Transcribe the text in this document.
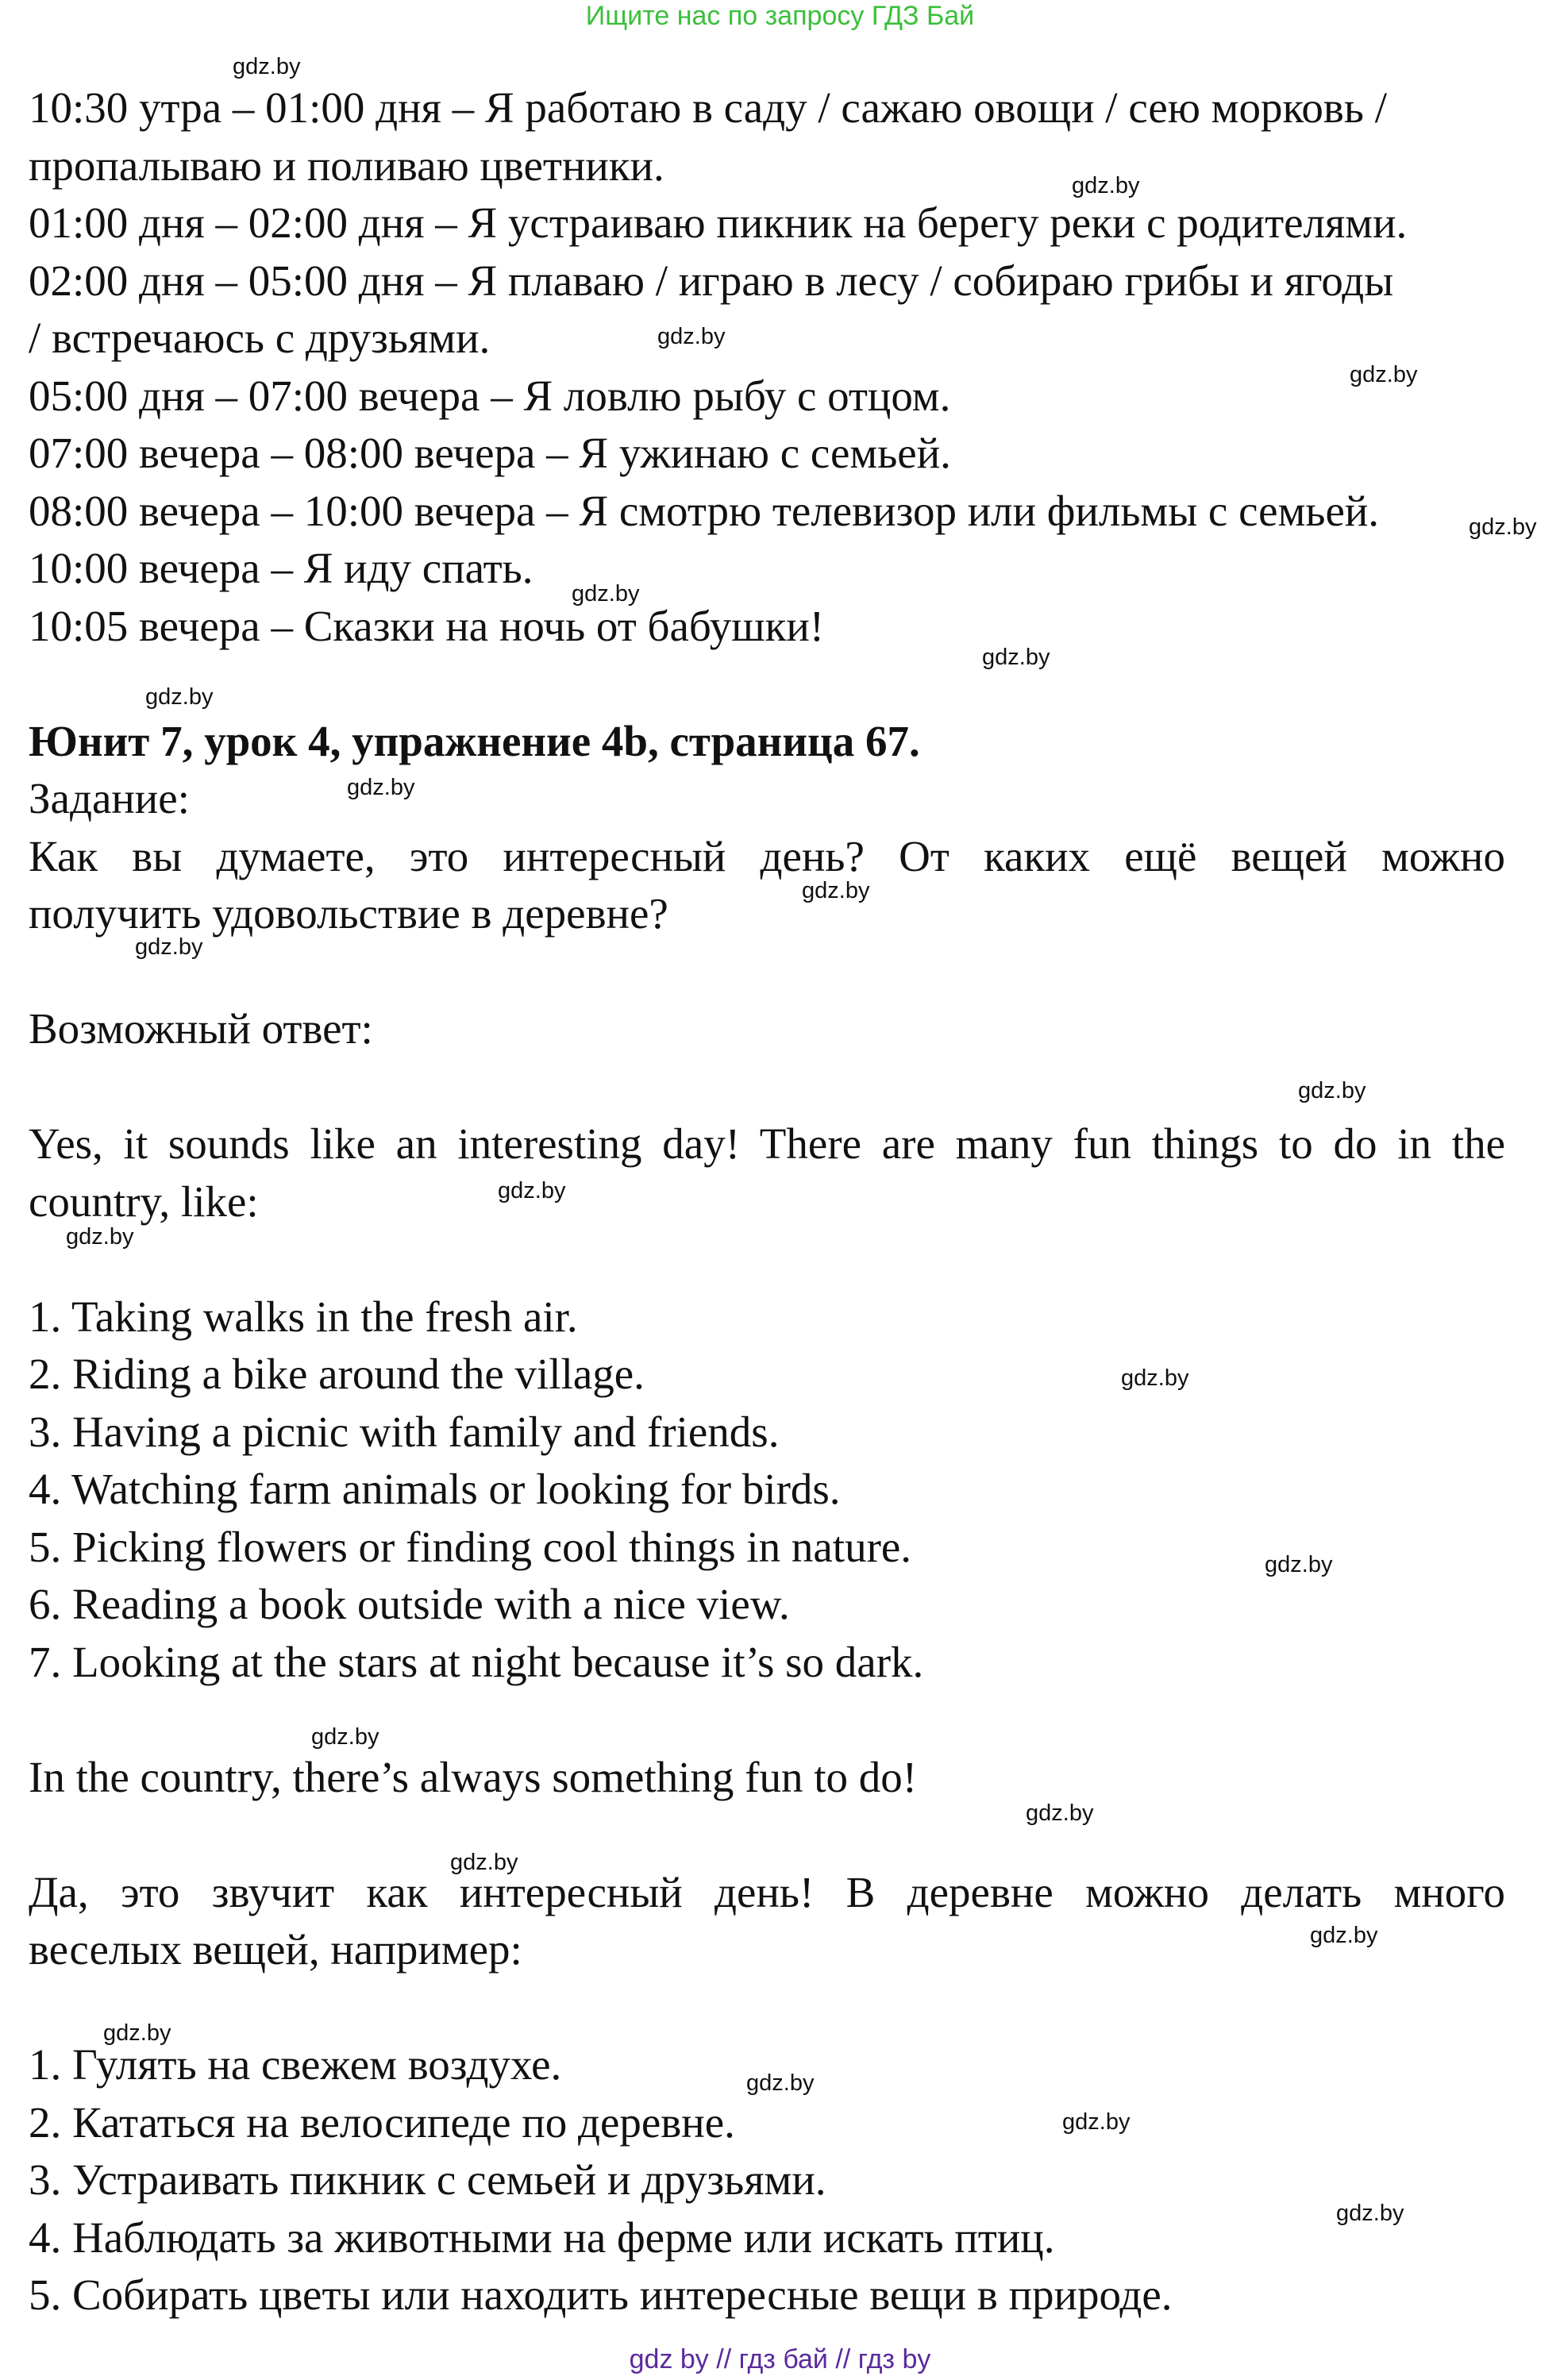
Ищите нас по запросу ГДЗ Бай
10:30 утра – 01:00 дня – Я работаю в саду / сажаю овощи / сею морковь /
пропалываю и поливаю цветники.
01:00 дня – 02:00 дня – Я устраиваю пикник на берегу реки с родителями.
02:00 дня – 05:00 дня – Я плаваю / играю в лесу / собираю грибы и ягоды
/ встречаюсь с друзьями.
05:00 дня – 07:00 вечера – Я ловлю рыбу с отцом.
07:00 вечера – 08:00 вечера – Я ужинаю с семьей.
08:00 вечера – 10:00 вечера – Я смотрю телевизор или фильмы с семьей.
10:00 вечера – Я иду спать.
10:05 вечера – Сказки на ночь от бабушки!
Юнит 7, урок 4, упражнение 4b, страница 67.
Задание:
Как вы думаете, это интересный день? От каких ещё вещей можно
получить удовольствие в деревне?
Возможный ответ:
Yes, it sounds like an interesting day! There are many fun things to do in the
country, like:
1. Taking walks in the fresh air.
2. Riding a bike around the village.
3. Having a picnic with family and friends.
4. Watching farm animals or looking for birds.
5. Picking flowers or finding cool things in nature.
6. Reading a book outside with a nice view.
7. Looking at the stars at night because it’s so dark.
In the country, there’s always something fun to do!
Да, это звучит как интересный день! В деревне можно делать много
веселых вещей, например:
1. Гулять на свежем воздухе.
2. Кататься на велосипеде по деревне.
3. Устраивать пикник с семьей и друзьями.
4. Наблюдать за животными на ферме или искать птиц.
5. Собирать цветы или находить интересные вещи в природе.
gdz.by
gdz.by
gdz.by
gdz.by
gdz.by
gdz.by
gdz.by
gdz.by
gdz.by
gdz.by
gdz.by
gdz.by
gdz.by
gdz.by
gdz.by
gdz.by
gdz.by
gdz.by
gdz.by
gdz.by
gdz.by
gdz.by
gdz.by
gdz.by
gdz by // гдз бай // гдз by
